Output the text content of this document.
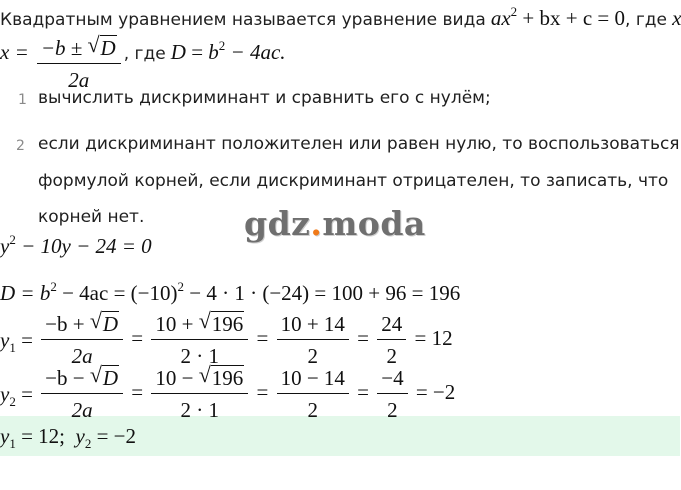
Квадратным уравнением называется уравнение вида $ax^2$ + bx + c = 0, где x
$x = \frac{-b \pm √ D}{2a}$ , где $D = b^2 - 4ac$.
1 вычислить дискриминант и сравнить его с нулём;
2 если дискриминант положителен или равен нулю, то воспользоваться
формулой корней, если дискриминант отрицателен, то записать, что
корней нет.	gdz.moda
$y^2 - 10y - 24 = 0$
$D = b^2 - 4ac = (-10)^2 - 4 \cdot 1 \cdot (-24) = 100 + 96 = 196$
$y_1 = \frac{-b + √ D}{2a} = \frac{10 + √ 196}{2 \cdot 1} = \frac{10 + 14}{2} = \frac{24}{2} = 12$
$y_2 = \frac{-b - √ D}{2a} = \frac{10 - √ 196}{2 \cdot 1} = \frac{10 - 14}{2} = \frac{-4}{2} = -2$
$y_1 = 12$; $y_2 = -2$
